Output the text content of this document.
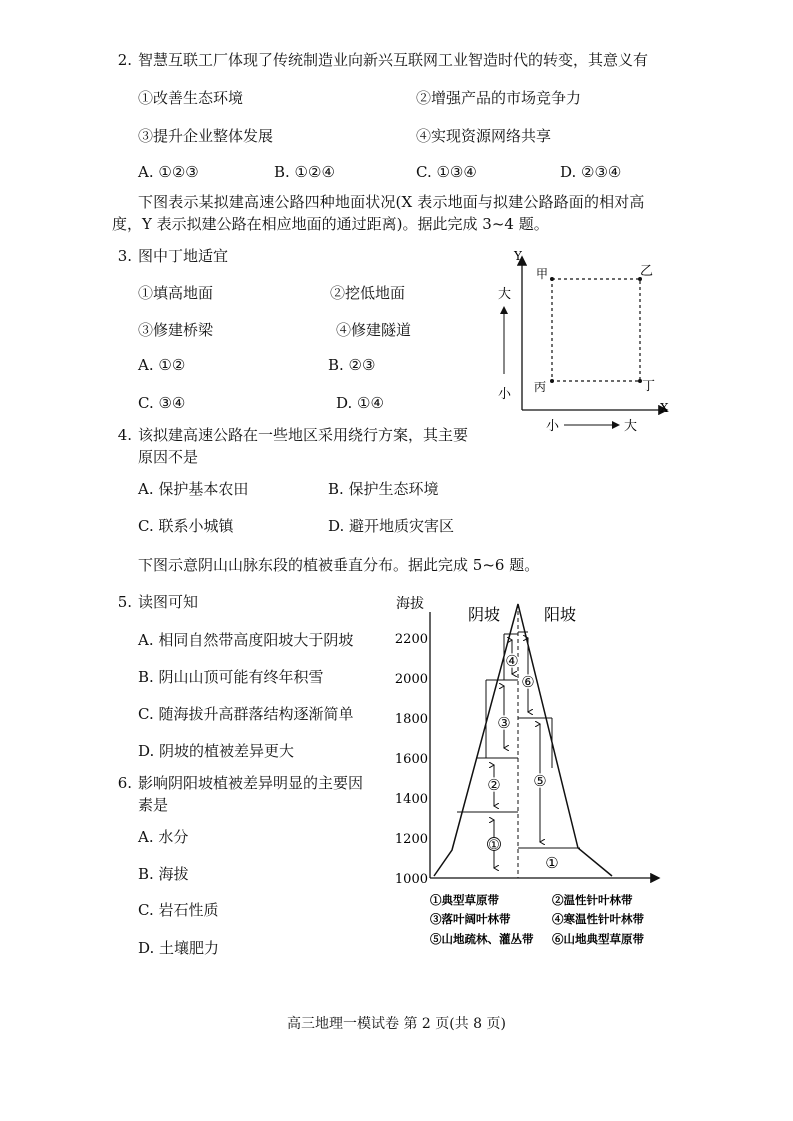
2. 智慧互联工厂体现了传统制造业向新兴互联网工业智造时代的转变，其意义有
①改善生态环境	②增强产品的市场竞争力
③提升企业整体发展	④实现资源网络共享
A. ①②③	B. ①②④	C. ①③④	D. ②③④
下图表示某拟建高速公路四种地面状况(X 表示地面与拟建公路路面的相对高
度，Y 表示拟建公路在相应地面的通过距离)。据此完成 3~4 题。
3. 图中丁地适宜
①填高地面	②挖低地面
③修建桥梁	④修建隧道
A. ①②	B. ②③
C. ③④	D. ①④
4. 该拟建高速公路在一些地区采用绕行方案，其主要
原因不是
A. 保护基本农田	B. 保护生态环境
C. 联系小城镇	D. 避开地质灾害区
Y
X
甲	乙
丙	丁
大
小
小	大
下图示意阴山山脉东段的植被垂直分布。据此完成 5~6 题。
5. 读图可知
A. 相同自然带高度阳坡大于阴坡
B. 阴山山顶可能有终年积雪
C. 随海拔升高群落结构逐渐简单
D. 阴坡的植被差异更大
6. 影响阴阳坡植被差异明显的主要因
素是
A. 水分
B. 海拔
C. 岩石性质
D. 土壤肥力
海拔
阴坡	阳坡
2200
2000
1800
1600
1400
1200
1000
①
②
③
④
⑥
⑤
①
①典型草原带	②温性针叶林带
③落叶阔叶林带	④寒温性针叶林带
⑤山地疏林、灌丛带 ⑥山地典型草原带
高三地理一模试卷 第 2 页(共 8 页)
